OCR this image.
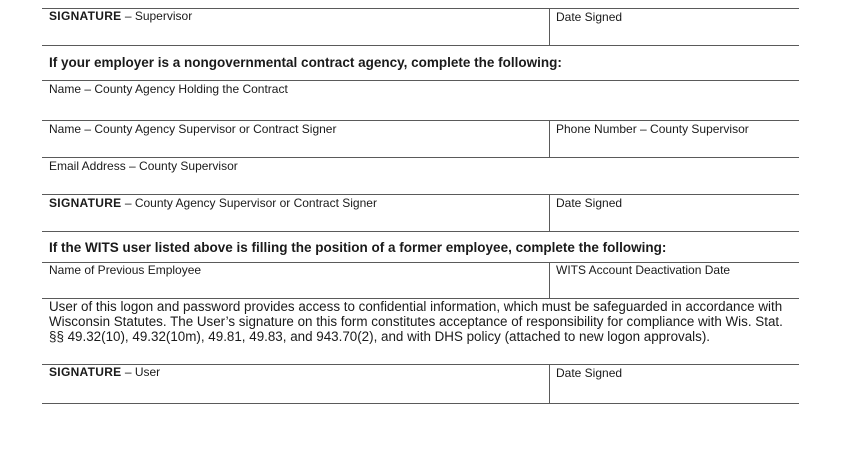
SIGNATURE – Supervisor	Date Signed
If your employer is a nongovernmental contract agency, complete the following:
Name – County Agency Holding the Contract
Name – County Agency Supervisor or Contract Signer	Phone Number – County Supervisor
Email Address – County Supervisor
SIGNATURE – County Agency Supervisor or Contract Signer	Date Signed
If the WITS user listed above is filling the position of a former employee, complete the following:
Name of Previous Employee	WITS Account Deactivation Date
User of this logon and password provides access to confidential information, which must be safeguarded in accordance with Wisconsin Statutes. The User’s signature on this form constitutes acceptance of responsibility for compliance with Wis. Stat. §§ 49.32(10), 49.32(10m), 49.81, 49.83, and 943.70(2), and with DHS policy (attached to new logon approvals).
SIGNATURE – User	Date Signed
